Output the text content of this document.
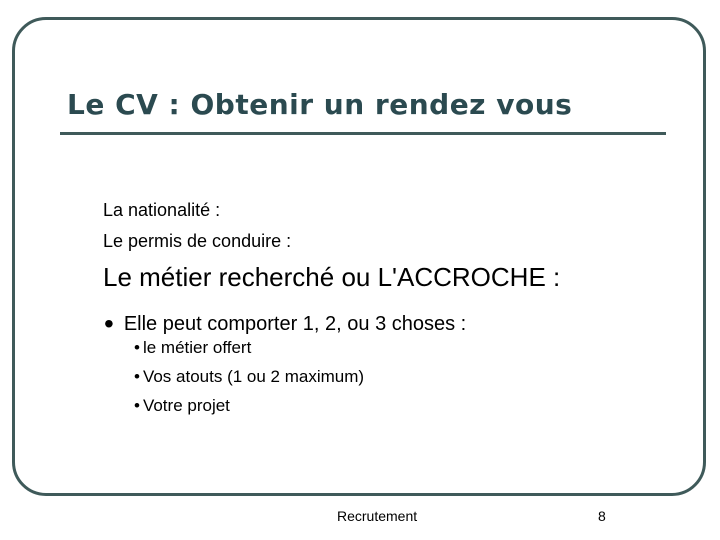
Le CV : Obtenir un rendez vous
La nationalité :
Le permis de conduire :
Le métier recherché ou L'ACCROCHE :
• Elle peut comporter 1, 2, ou 3 choses :
• le métier offert
• Vos atouts (1 ou 2 maximum)
• Votre projet
Recrutement	8
